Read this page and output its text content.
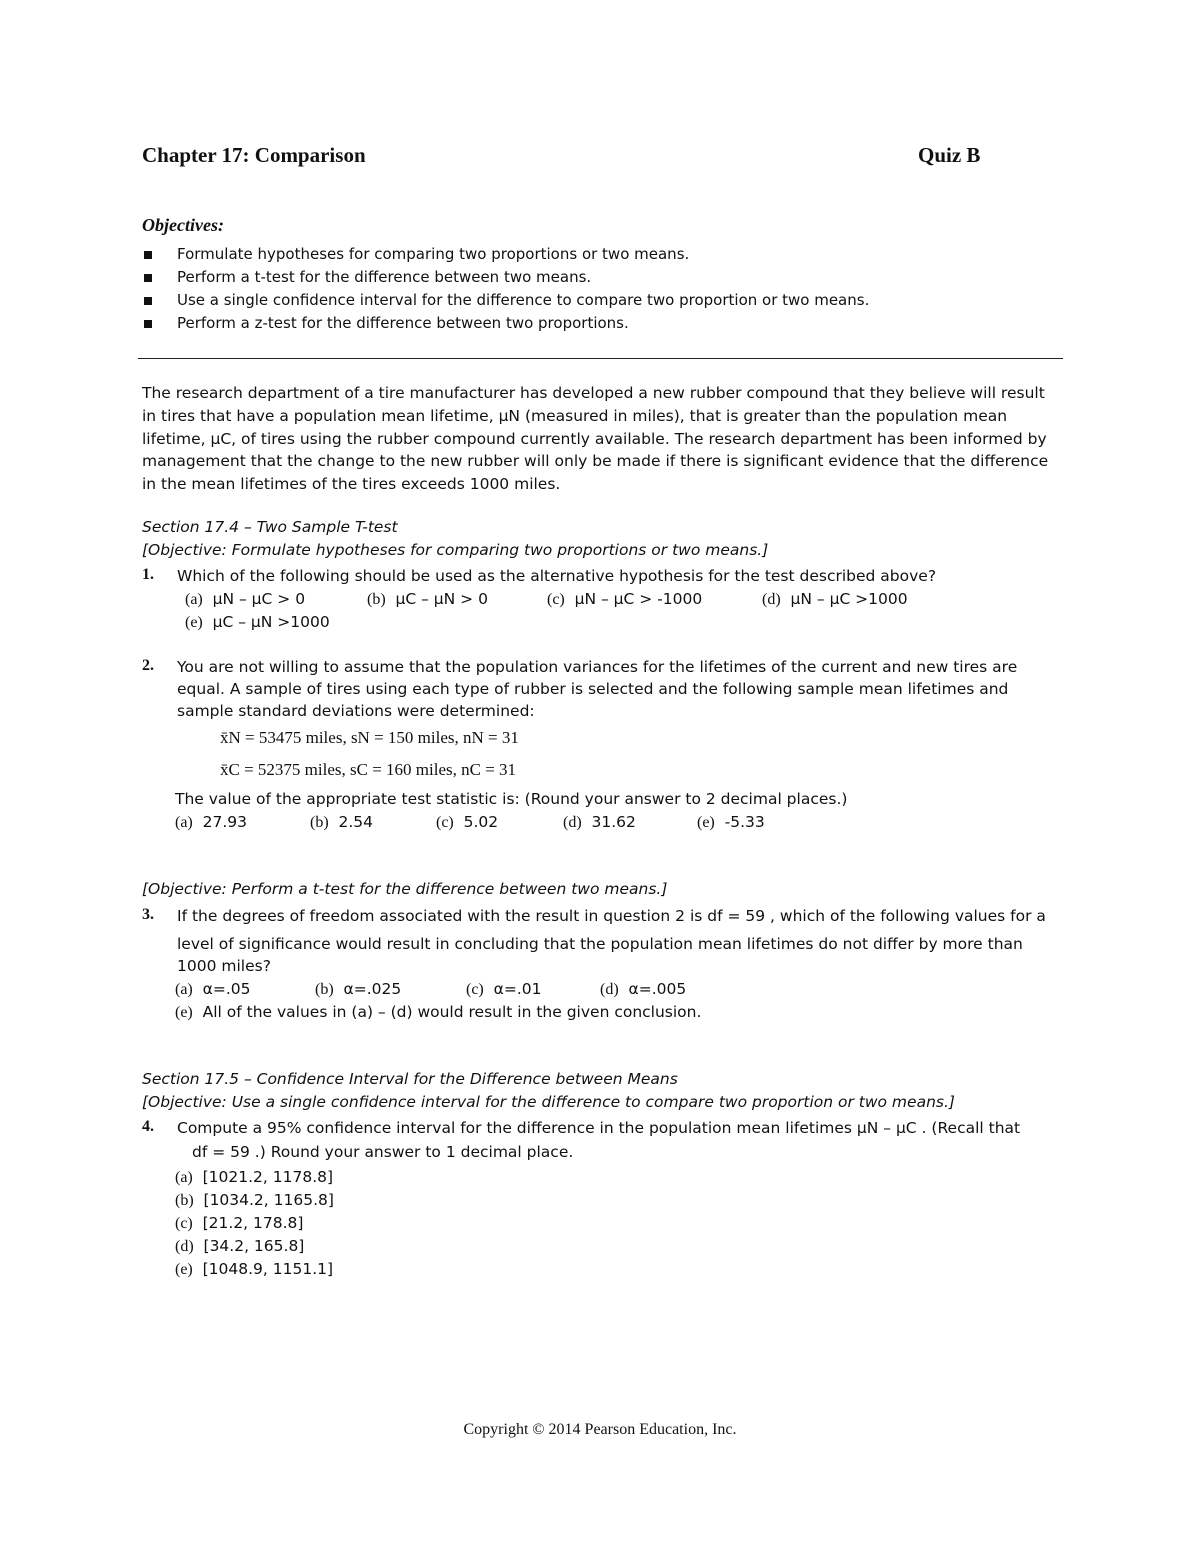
Chapter 17: Comparison	Quiz B
Objectives:
Formulate hypotheses for comparing two proportions or two means.
Perform a t-test for the difference between two means.
Use a single confidence interval for the difference to compare two proportion or two means.
Perform a z-test for the difference between two proportions.
The research department of a tire manufacturer has developed a new rubber compound that they believe will result
in tires that have a population mean lifetime, μN (measured in miles), that is greater than the population mean
lifetime, μC, of tires using the rubber compound currently available. The research department has been informed by
management that the change to the new rubber will only be made if there is significant evidence that the difference
in the mean lifetimes of the tires exceeds 1000 miles.
Section 17.4 – Two Sample T-test
[Objective: Formulate hypotheses for comparing two proportions or two means.]
1. Which of the following should be used as the alternative hypothesis for the test described above?
(a) μN – μC > 0	(b) μC – μN > 0	(c) μN – μC > -1000	(d) μN – μC >1000
(e) μC – μN >1000
2. You are not willing to assume that the population variances for the lifetimes of the current and new tires are
equal. A sample of tires using each type of rubber is selected and the following sample mean lifetimes and
sample standard deviations were determined:
x̄N = 53475 miles, sN = 150 miles, nN = 31
x̄C = 52375 miles, sC = 160 miles, nC = 31
The value of the appropriate test statistic is: (Round your answer to 2 decimal places.)
(a) 27.93	(b) 2.54	(c) 5.02	(d) 31.62	(e) -5.33
[Objective: Perform a t-test for the difference between two means.]
3. If the degrees of freedom associated with the result in question 2 is df = 59 , which of the following values for a
level of significance would result in concluding that the population mean lifetimes do not differ by more than
1000 miles?
(a) α=.05	(b) α=.025	(c) α=.01	(d) α=.005
(e) All of the values in (a) – (d) would result in the given conclusion.
Section 17.5 – Confidence Interval for the Difference between Means
[Objective: Use a single confidence interval for the difference to compare two proportion or two means.]
4. Compute a 95% confidence interval for the difference in the population mean lifetimes μN – μC . (Recall that
df = 59 .) Round your answer to 1 decimal place.
(a) [1021.2, 1178.8]
(b) [1034.2, 1165.8]
(c) [21.2, 178.8]
(d) [34.2, 165.8]
(e) [1048.9, 1151.1]
Copyright © 2014 Pearson Education, Inc.
